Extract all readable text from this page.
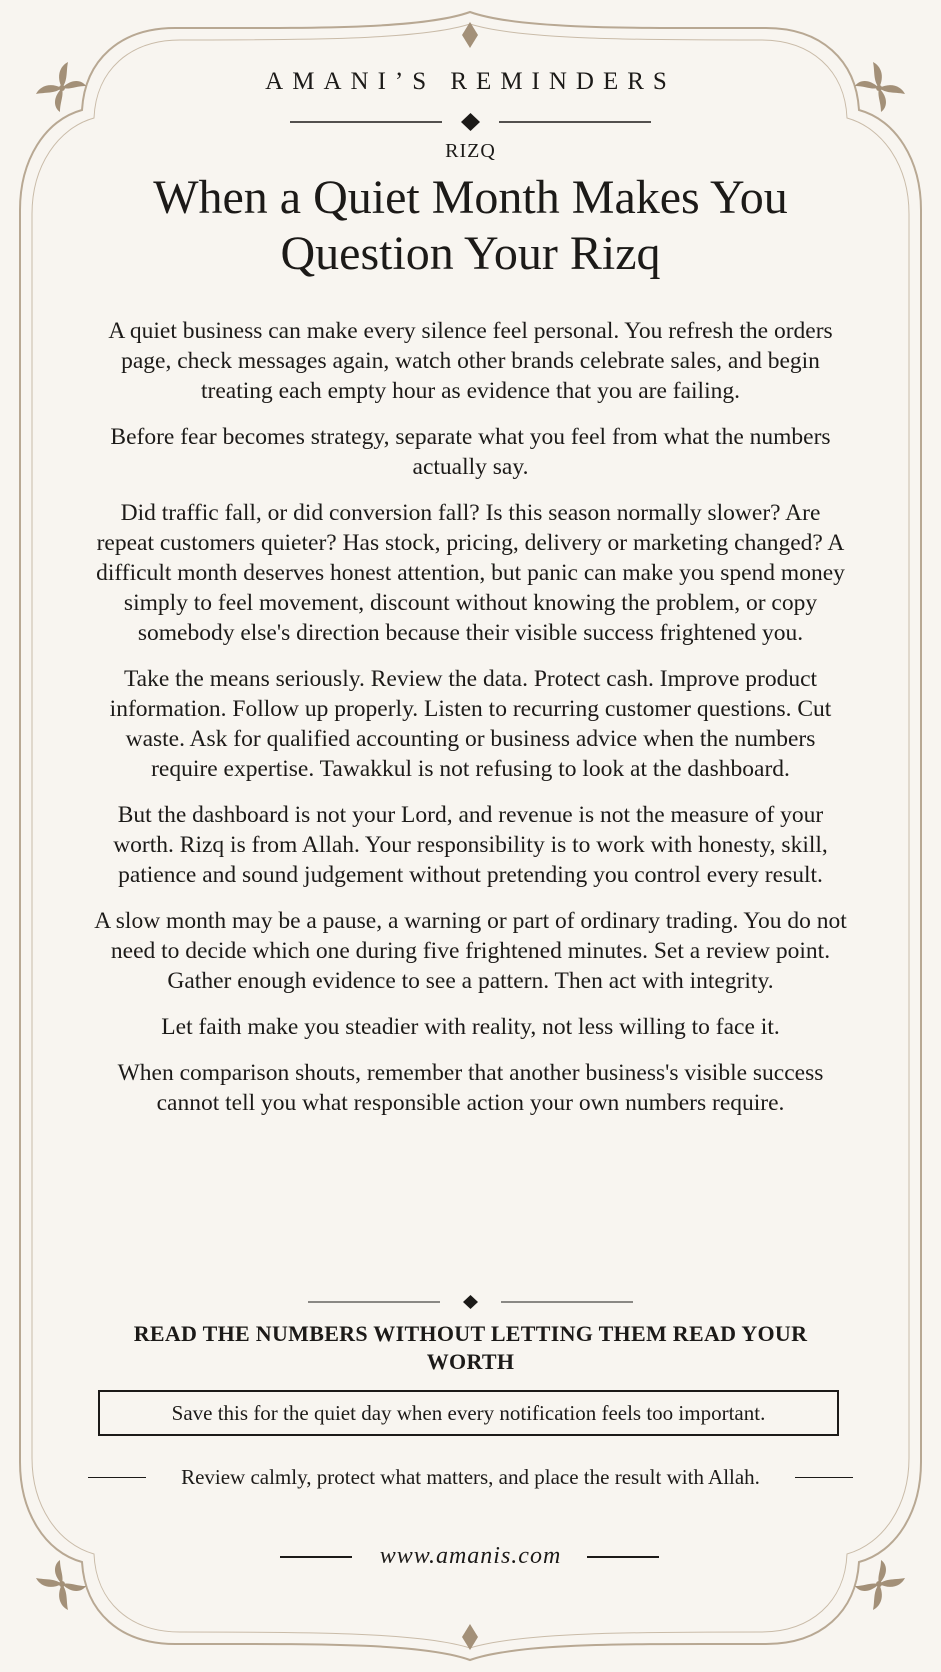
AMANI’S REMINDERS
RIZQ
When a Quiet Month Makes You Question Your Rizq

A quiet business can make every silence feel personal. You refresh the orders page, check messages again, watch other brands celebrate sales, and begin treating each empty hour as evidence that you are failing.

Before fear becomes strategy, separate what you feel from what the numbers actually say.

Did traffic fall, or did conversion fall? Is this season normally slower? Are repeat customers quieter? Has stock, pricing, delivery or marketing changed? A difficult month deserves honest attention, but panic can make you spend money simply to feel movement, discount without knowing the problem, or copy somebody else's direction because their visible success frightened you.

Take the means seriously. Review the data. Protect cash. Improve product information. Follow up properly. Listen to recurring customer questions. Cut waste. Ask for qualified accounting or business advice when the numbers require expertise. Tawakkul is not refusing to look at the dashboard.

But the dashboard is not your Lord, and revenue is not the measure of your worth. Rizq is from Allah. Your responsibility is to work with honesty, skill, patience and sound judgement without pretending you control every result.

A slow month may be a pause, a warning or part of ordinary trading. You do not need to decide which one during five frightened minutes. Set a review point. Gather enough evidence to see a pattern. Then act with integrity.

Let faith make you steadier with reality, not less willing to face it.

When comparison shouts, remember that another business's visible success cannot tell you what responsible action your own numbers require.

READ THE NUMBERS WITHOUT LETTING THEM READ YOUR WORTH
Save this for the quiet day when every notification feels too important.
Review calmly, protect what matters, and place the result with Allah.
www.amanis.com
